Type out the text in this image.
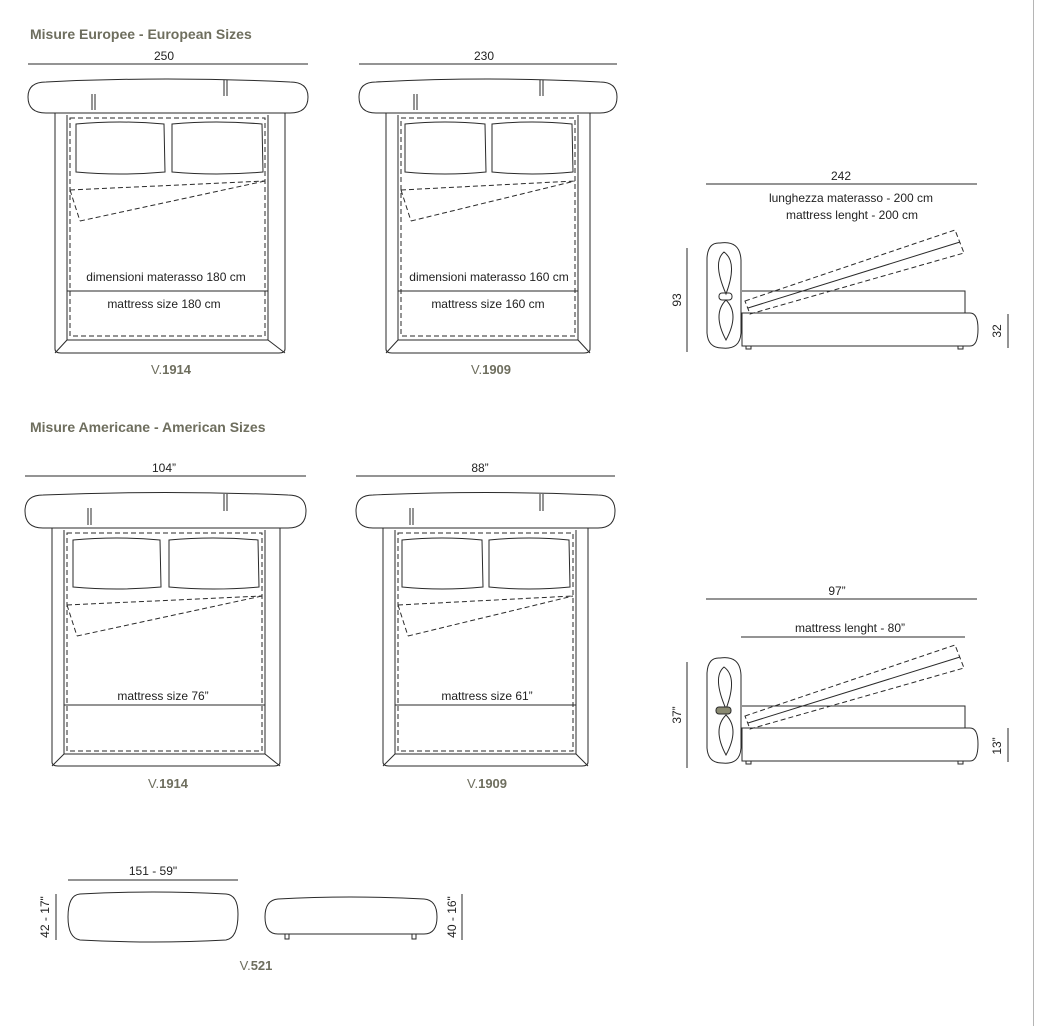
Misure Europee - European Sizes
250
dimensioni materasso 180 cm
mattress size 180 cm
V.1914
230
dimensioni materasso 160 cm
mattress size 160 cm
V.1909
242
lunghezza materasso - 200 cm
mattress lenght - 200 cm
93
32
Misure Americane - American Sizes
104”
mattress size 76”
V.1914
88”
mattress size 61”
V.1909
97”
mattress lenght - 80”
37”
13”
151 - 59"
42 - 17"	40 - 16"
V.521
